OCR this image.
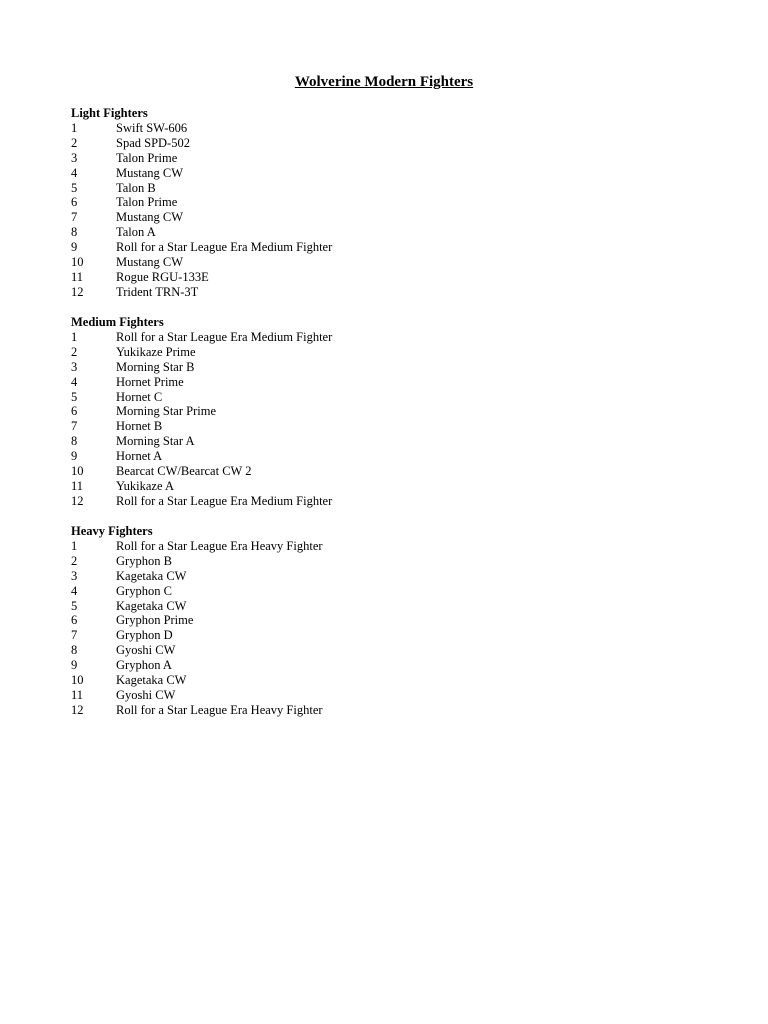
Wolverine Modern Fighters
Light Fighters
1	Swift SW-606
2	Spad SPD-502
3	Talon Prime
4	Mustang CW
5	Talon B
6	Talon Prime
7	Mustang CW
8	Talon A
9	Roll for a Star League Era Medium Fighter
10	Mustang CW
11	Rogue RGU-133E
12	Trident TRN-3T
Medium Fighters
1	Roll for a Star League Era Medium Fighter
2	Yukikaze Prime
3	Morning Star B
4	Hornet Prime
5	Hornet C
6	Morning Star Prime
7	Hornet B
8	Morning Star A
9	Hornet A
10	Bearcat CW/Bearcat CW 2
11	Yukikaze A
12	Roll for a Star League Era Medium Fighter
Heavy Fighters
1	Roll for a Star League Era Heavy Fighter
2	Gryphon B
3	Kagetaka CW
4	Gryphon C
5	Kagetaka CW
6	Gryphon Prime
7	Gryphon D
8	Gyoshi CW
9	Gryphon A
10	Kagetaka CW
11	Gyoshi CW
12	Roll for a Star League Era Heavy Fighter
